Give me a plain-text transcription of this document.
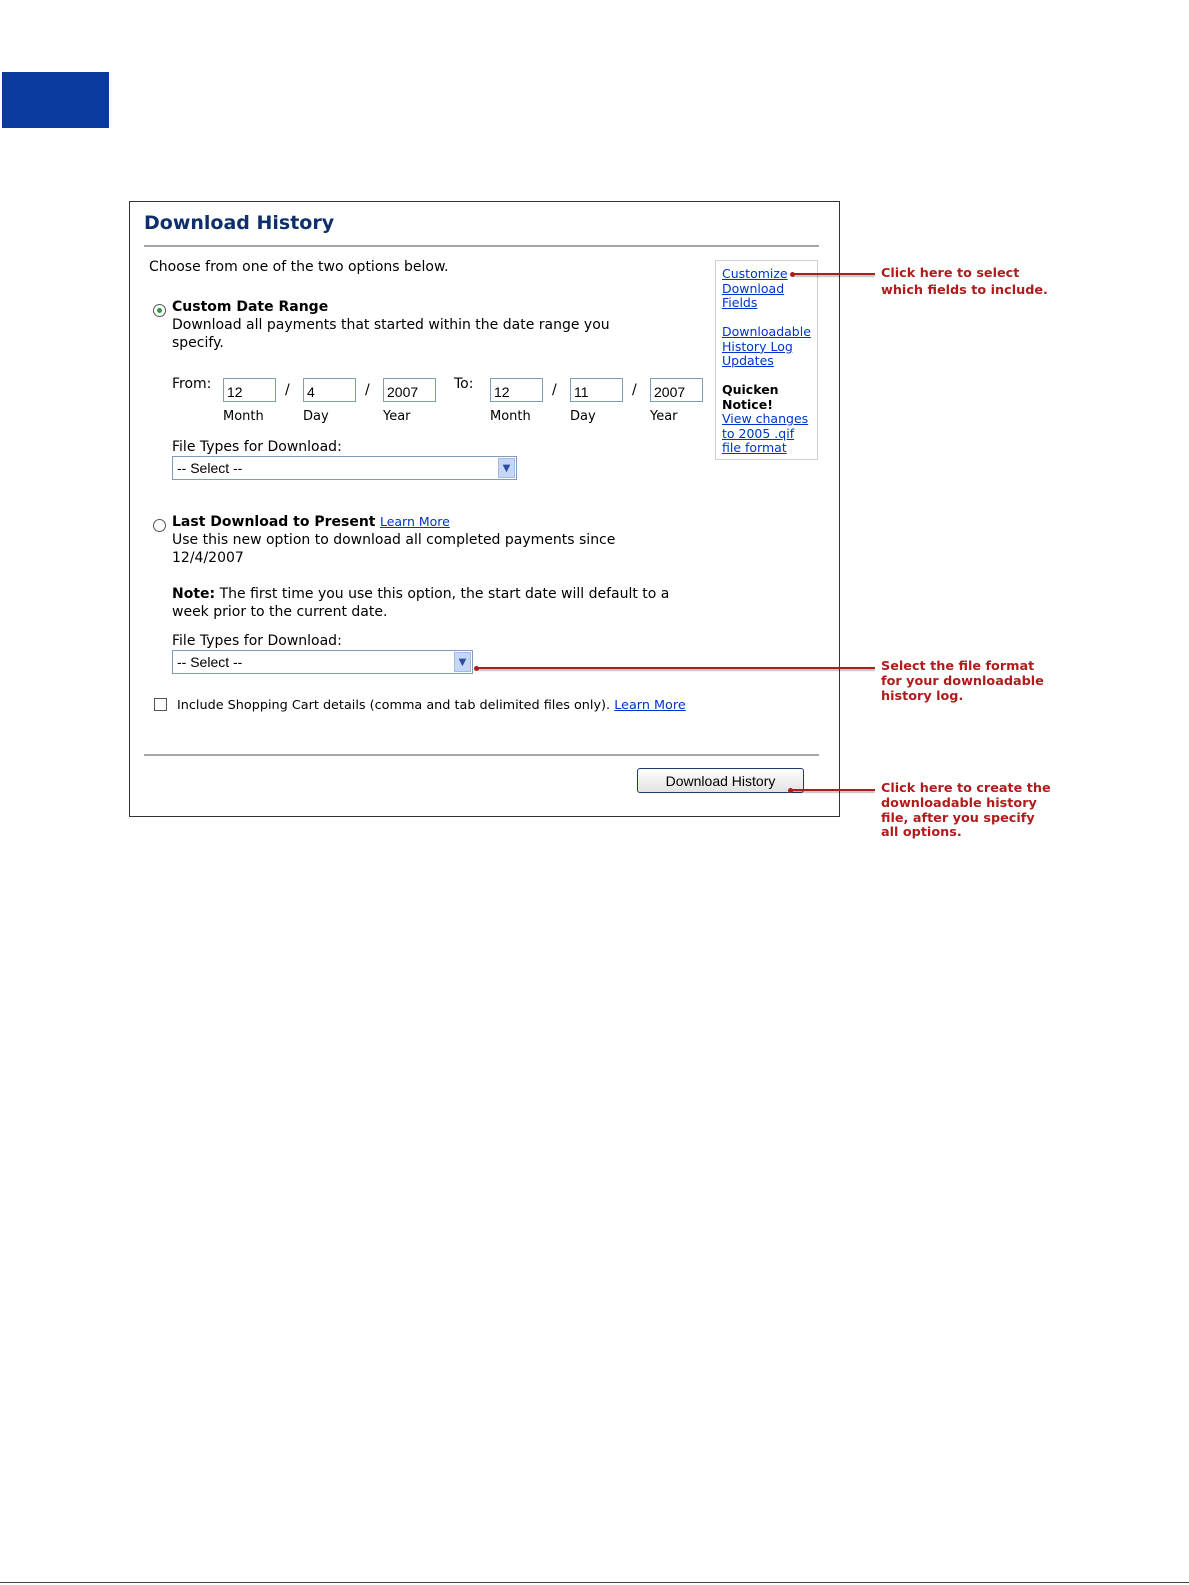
Download History
Choose from one of the two options below.
Custom Date Range
Download all payments that started within the date range you
specify.
From:
12	/
4	/
2007
Month	Day	Year
To:
12	/
11	/
2007
Month	Day	Year
File Types for Download:
-- Select --	▼
Last Download to Present Learn More
Use this new option to download all completed payments since
12/4/2007
Note: The first time you use this option, the start date will default to a
week prior to the current date.
File Types for Download:
-- Select --	▼
Include Shopping Cart details (comma and tab delimited files only). Learn More
Download History
Customize Download Fields
Downloadable History Log Updates
Quicken Notice!
View changes to 2005 .qif file format
Click here to select
which fields to include.
Select the file format
for your downloadable
history log.
Click here to create the
downloadable history
file, after you specify
all options.
